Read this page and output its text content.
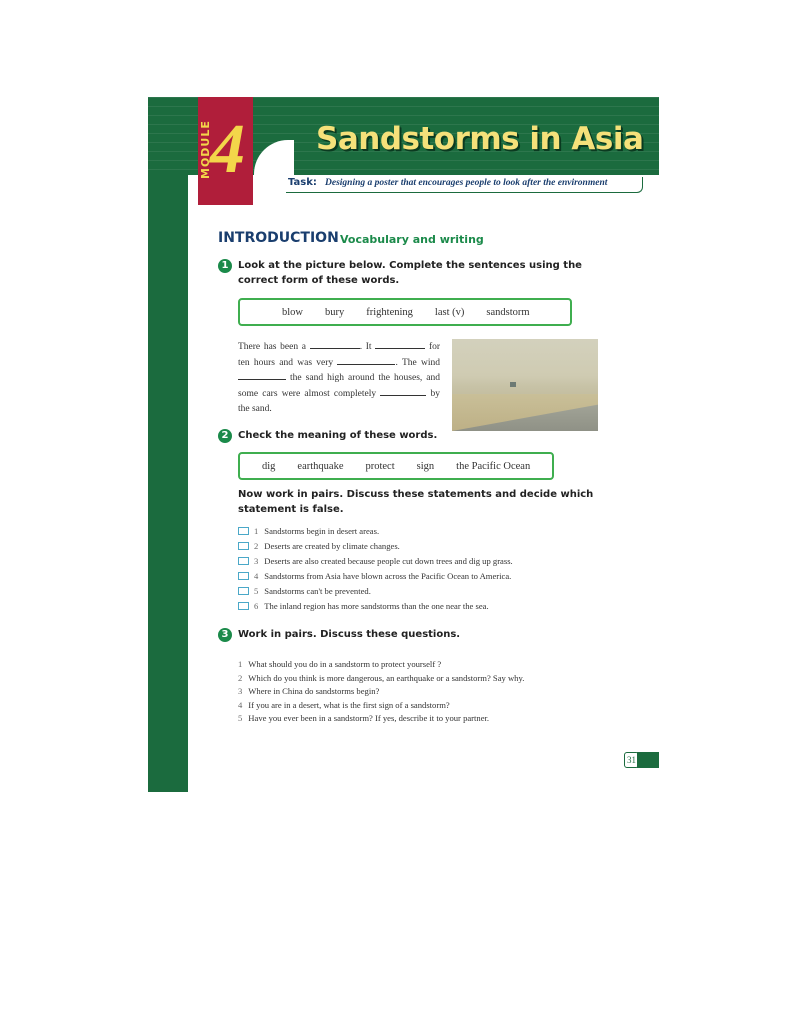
MODULE
4 Sandstorms in Asia
Task: Designing a poster that encourages people to look after the environment
INTRODUCTION Vocabulary and writing
1 Look at the picture below. Complete the sentences using the correct form of these words.
blow bury frightening last (v) sandstorm
There has been a	. It	for ten hours and was very	. The wind  the sand high around the houses, and some cars were almost completely	by the sand.
2 Check the meaning of these words.
dig earthquake protect sign the Pacific Ocean
Now work in pairs. Discuss these statements and decide which statement is false.
1 Sandstorms begin in desert areas.
2 Deserts are created by climate changes.
3 Deserts are also created because people cut down trees and dig up grass.
4 Sandstorms from Asia have blown across the Pacific Ocean to America.
5 Sandstorms can't be prevented.
6 The inland region has more sandstorms than the one near the sea.
3 Work in pairs. Discuss these questions.
1 What should you do in a sandstorm to protect yourself ?
2 Which do you think is more dangerous, an earthquake or a sandstorm? Say why.
3 Where in China do sandstorms begin?
4 If you are in a desert, what is the first sign of a sandstorm?
5 Have you ever been in a sandstorm? If yes, describe it to your partner.
31
